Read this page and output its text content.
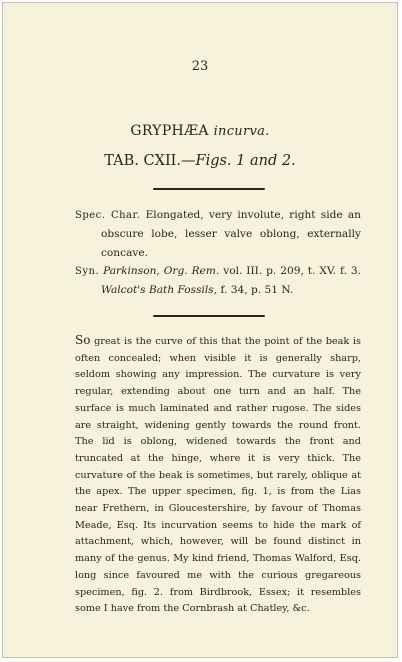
23
GRYPHÆA incurva.
TAB. CXII.—Figs. 1 and 2.
Spec. Char. Elongated, very involute, right side an obscure lobe, lesser valve oblong, externally concave.
Syn. Parkinson, Org. Rem. vol. III. p. 209, t. XV. f. 3. Walcot's Bath Fossils, f. 34, p. 51 N.
So great is the curve of this that the point of the beak is often concealed; when visible it is generally sharp, seldom showing any impression. The curvature is very regular, extending about one turn and an half. The surface is much laminated and rather rugose. The sides are straight, widening gently towards the round front. The lid is oblong, widened towards the front and truncated at the hinge, where it is very thick. The curvature of the beak is sometimes, but rarely, oblique at the apex. The upper specimen, fig. 1, is from the Lias near Frethern, in Gloucestershire, by favour of Thomas Meade, Esq. Its incurvation seems to hide the mark of attachment, which, however, will be found distinct in many of the genus. My kind friend, Thomas Walford, Esq. long since favoured me with the curious gregareous specimen, fig. 2. from Birdbrook, Essex; it resembles some I have from the Cornbrash at Chatley, &c.
